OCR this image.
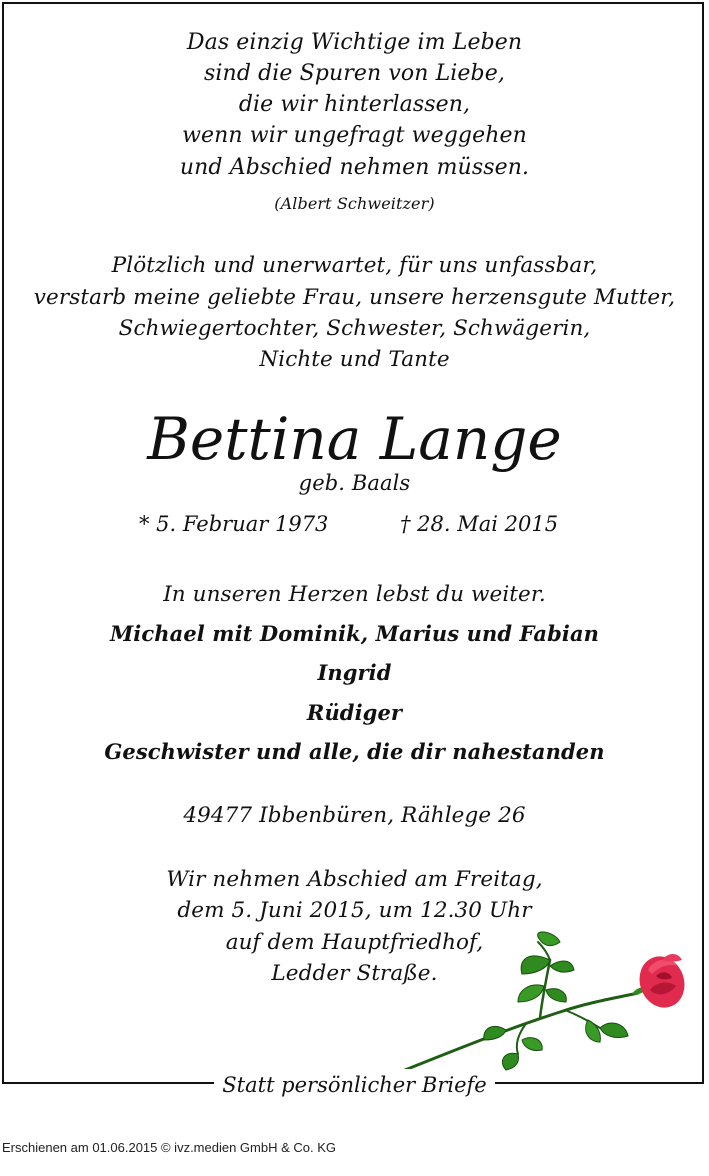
Das einzig Wichtige im Leben
sind die Spuren von Liebe,
die wir hinterlassen,
wenn wir ungefragt weggehen
und Abschied nehmen müssen.
(Albert Schweitzer)
Plötzlich und unerwartet, für uns unfassbar,
verstarb meine geliebte Frau, unsere herzensgute Mutter,
Schwiegertochter, Schwester, Schwägerin,
Nichte und Tante
Bettina Lange
geb. Baals
* 5. Februar 1973	† 28. Mai 2015
In unseren Herzen lebst du weiter.
Michael mit Dominik, Marius und Fabian
Ingrid
Rüdiger
Geschwister und alle, die dir nahestanden
49477 Ibbenbüren, Rählege 26
Wir nehmen Abschied am Freitag,
dem 5. Juni 2015, um 12.30 Uhr
auf dem Hauptfriedhof,
Ledder Straße.
Statt persönlicher Briefe
Erschienen am 01.06.2015 © ivz.medien GmbH & Co. KG
